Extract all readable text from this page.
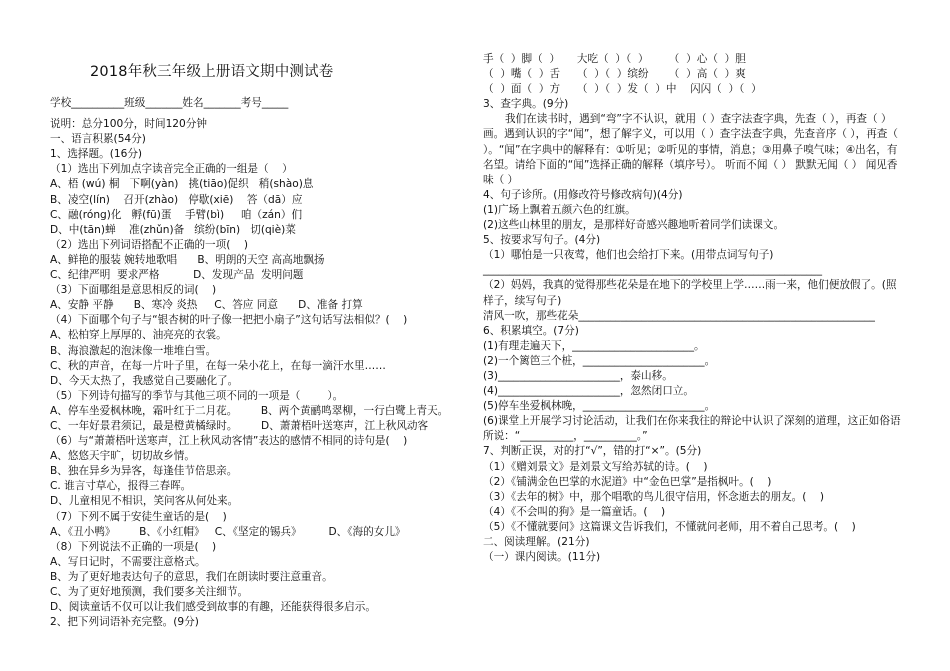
2018年秋三年级上册语文期中测试卷
学校__________班级_______姓名_______考号_____
说明：总分100分，时间120分钟
一、语言积累(54分)
1、选择题。(16分)
（1）选出下列加点字读音完全正确的一组是（    ）
A、梧 (wú) 桐   下啊(yàn)   挑(tiāo)促织   稍(shào)息
B、凌空(lín)    召开(zhào)   停歇(xiē)    答（dā）应
C、融(róng)化   孵(fū)蛋    手臂(bì)     咱（zán）们
D、中(tān)蝉    准(zhǔn)备   缤纷(bīn)   切(qiè)菜
（2）选出下列词语搭配不正确的一项(    )
A、鲜艳的服装 婉转地歌唱      B、明朗的天空 高高地飘扬
C、纪律严明  要求严格          D、发现产品  发明问题
（3）下面哪组是意思相反的词(    )
A、安静 平静      B、寒冷 炎热     C、答应 同意      D、准备 打算
（4）下面哪个句子与“银杏树的叶子像一把把小扇子”这句话写法相似？(    )
A、松柏穿上厚厚的、油亮亮的衣裳。
B、海浪激起的泡沫像一堆堆白雪。
C、秋的声音，在每一片叶子里，在每一朵小花上，在每一滴汗水里……
D、今天太热了，我感觉自己要融化了。
（5）下列诗句描写的季节与其他三项不同的一项是（        ）。
A、停车坐爱枫林晚，霜叶红于二月花。       B、两个黄鹂鸣翠柳，一行白鹭上青天。
C、一年好景君须记，最是橙黄橘绿时。       D、萧萧梧叶送寒声，江上秋风动客
（6）与“萧萧梧叶送寒声，江上秋风动客情”表达的感情不相同的诗句是(    )
A、悠悠天宇旷，切切故乡情。
B、独在异乡为异客，每逢佳节倍思亲。
C. 谁言寸草心，报得三春晖。
D、儿童相见不相识，笑问客从何处来。
（7）下列不属于安徒生童话的是(    )
A、《丑小鸭》       B、《小红帽》   C、《坚定的锡兵》        D、《海的女儿》
（8）下列说法不正确的一项是(    )
A、写日记时，不需要注意格式。
B、为了更好地表达句子的意思，我们在朗读时要注意重音。
C、为了更好地预测，我们要多关注细节。
D、阅读童话不仅可以让我们感受到故事的有趣，还能获得很多启示。
2、把下列词语补充完整。(9分)
手（  ）脚（  ）     大吃（  ）（  ）      （  ）心（  ）胆
（  ）嘴（  ）舌     （  ）（  ）缤纷      （  ）高（  ）爽
（  ）面（  ）方     （  ）（  ）发（  ）中    闪闪（  ）（  ）
3、查字典。(9分)
我们在读书时，遇到“弯”字不认识，就用（ ）查字法查字典，先查（ ），再查（ ）画。遇到认识的字“闻”，想了解字义，可以用（ ）查字法查字典，先查音序（ ），再查（ ）。“闻”在字典中的解释有：①听见；②听见的事情，消息；③用鼻子嗅气味；④出名，有名望。请给下面的“闻”选择正确的解释（填序号）。 听而不闻（ ） 默默无闻（ ） 闻见香味（ ）
4、句子诊所。(用修改符号修改病句)(4分)
(1)广场上飘着五颜六色的红旗。
(2)这些山林里的朋友，是那样好奇感兴趣地听着同学们读课文。
5、按要求写句子。(4分)
（1）哪怕是一只夜莺，他们也会给打下来。(用带点词写句子)
________________________________________________________________
（2）妈妈，我真的觉得那些花朵是在地下的学校里上学……雨一来，他们便放假了。(照样子，续写句子)
清风一吹，那些花朵________________________________________________________
6、积累填空。(7分)
(1)有理走遍天下，_______________________。
(2)一个篱笆三个桩，_______________________。
(3)_______________________，泰山移。
(4)_______________________，忽然闭口立。
(5)停车坐爱枫林晚，_______________________。
(6)课堂上开展学习讨论活动，让我们在你来我往的辩论中认识了深刻的道理，这正如俗语所说：“__________，__________。”
7、判断正误，对的打“√”，错的打“×”。(5分)
（1）《赠刘景文》是刘景文写给苏轼的诗。(    )
（2）《铺满金色巴掌的水泥道》中“金色巴掌”是指枫叶。(    )
（3）《去年的树》中，那个唱歌的鸟儿很守信用，怀念逝去的朋友。(    )
（4）《不会叫的狗》是一篇童话。(    )
（5）《不懂就要问》这篇课文告诉我们，不懂就问老师，用不着自己思考。(    )
二、阅读理解。(21分)
（一）课内阅读。(11分)
